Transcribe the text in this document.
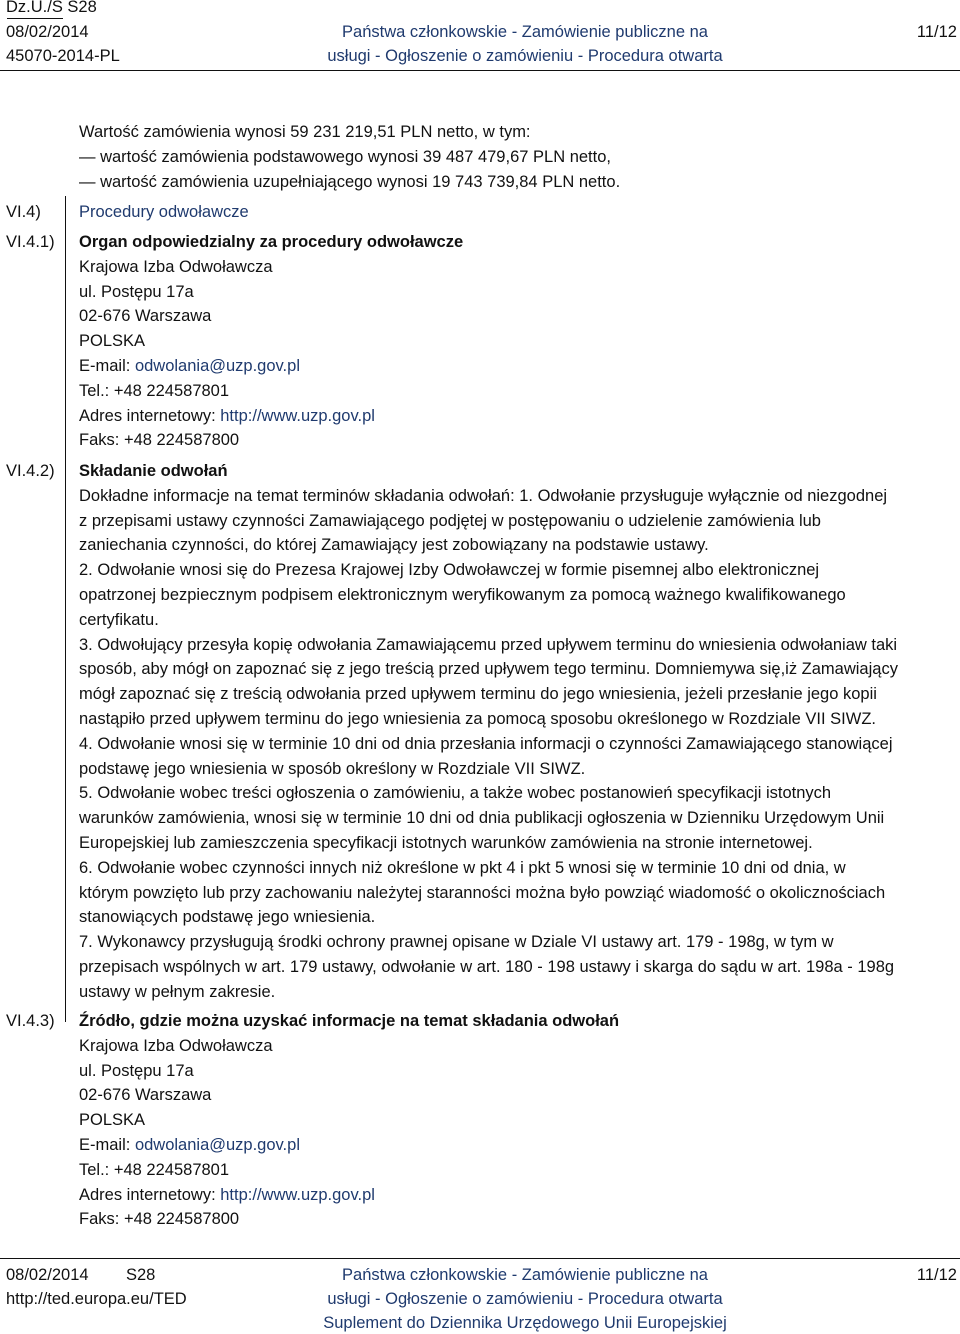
Dz.U./S S28
08/02/2014
45070-2014-PL
Państwa członkowskie - Zamówienie publiczne na
usługi - Ogłoszenie o zamówieniu - Procedura otwarta
11/12
Wartość zamówienia wynosi 59 231 219,51 PLN netto, w tym:
— wartość zamówienia podstawowego wynosi 39 487 479,67 PLN netto,
— wartość zamówienia uzupełniającego wynosi 19 743 739,84 PLN netto.
VI.4) Procedury odwoławcze
VI.4.1) Organ odpowiedzialny za procedury odwoławcze
Krajowa Izba Odwoławcza
ul. Postępu 17a
02-676 Warszawa
POLSKA
E-mail: odwolania@uzp.gov.pl
Tel.: +48 224587801
Adres internetowy: http://www.uzp.gov.pl
Faks: +48 224587800
VI.4.2) Składanie odwołań
Dokładne informacje na temat terminów składania odwołań: 1. Odwołanie przysługuje wyłącznie od niezgodnej
z przepisami ustawy czynności Zamawiającego podjętej w postępowaniu o udzielenie zamówienia lub
zaniechania czynności, do której Zamawiający jest zobowiązany na podstawie ustawy.
2. Odwołanie wnosi się do Prezesa Krajowej Izby Odwoławczej w formie pisemnej albo elektronicznej
opatrzonej bezpiecznym podpisem elektronicznym weryfikowanym za pomocą ważnego kwalifikowanego
certyfikatu.
3. Odwołujący przesyła kopię odwołania Zamawiającemu przed upływem terminu do wniesienia odwołaniaw taki
sposób, aby mógł on zapoznać się z jego treścią przed upływem tego terminu. Domniemywa się,iż Zamawiający
mógł zapoznać się z treścią odwołania przed upływem terminu do jego wniesienia, jeżeli przesłanie jego kopii
nastąpiło przed upływem terminu do jego wniesienia za pomocą sposobu określonego w Rozdziale VII SIWZ.
4. Odwołanie wnosi się w terminie 10 dni od dnia przesłania informacji o czynności Zamawiającego stanowiącej
podstawę jego wniesienia w sposób określony w Rozdziale VII SIWZ.
5. Odwołanie wobec treści ogłoszenia o zamówieniu, a także wobec postanowień specyfikacji istotnych
warunków zamówienia, wnosi się w terminie 10 dni od dnia publikacji ogłoszenia w Dzienniku Urzędowym Unii
Europejskiej lub zamieszczenia specyfikacji istotnych warunków zamówienia na stronie internetowej.
6. Odwołanie wobec czynności innych niż określone w pkt 4 i pkt 5 wnosi się w terminie 10 dni od dnia, w
którym powzięto lub przy zachowaniu należytej staranności można było powziąć wiadomość o okolicznościach
stanowiących podstawę jego wniesienia.
7. Wykonawcy przysługują środki ochrony prawnej opisane w Dziale VI ustawy art. 179 - 198g, w tym w
przepisach wspólnych w art. 179 ustawy, odwołanie w art. 180 - 198 ustawy i skarga do sądu w art. 198a - 198g
ustawy w pełnym zakresie.
VI.4.3) Źródło, gdzie można uzyskać informacje na temat składania odwołań
Krajowa Izba Odwoławcza
ul. Postępu 17a
02-676 Warszawa
POLSKA
E-mail: odwolania@uzp.gov.pl
Tel.: +48 224587801
Adres internetowy: http://www.uzp.gov.pl
Faks: +48 224587800
08/02/2014 S28
http://ted.europa.eu/TED
Państwa członkowskie - Zamówienie publiczne na
usługi - Ogłoszenie o zamówieniu - Procedura otwarta
Suplement do Dziennika Urzędowego Unii Europejskiej
11/12
